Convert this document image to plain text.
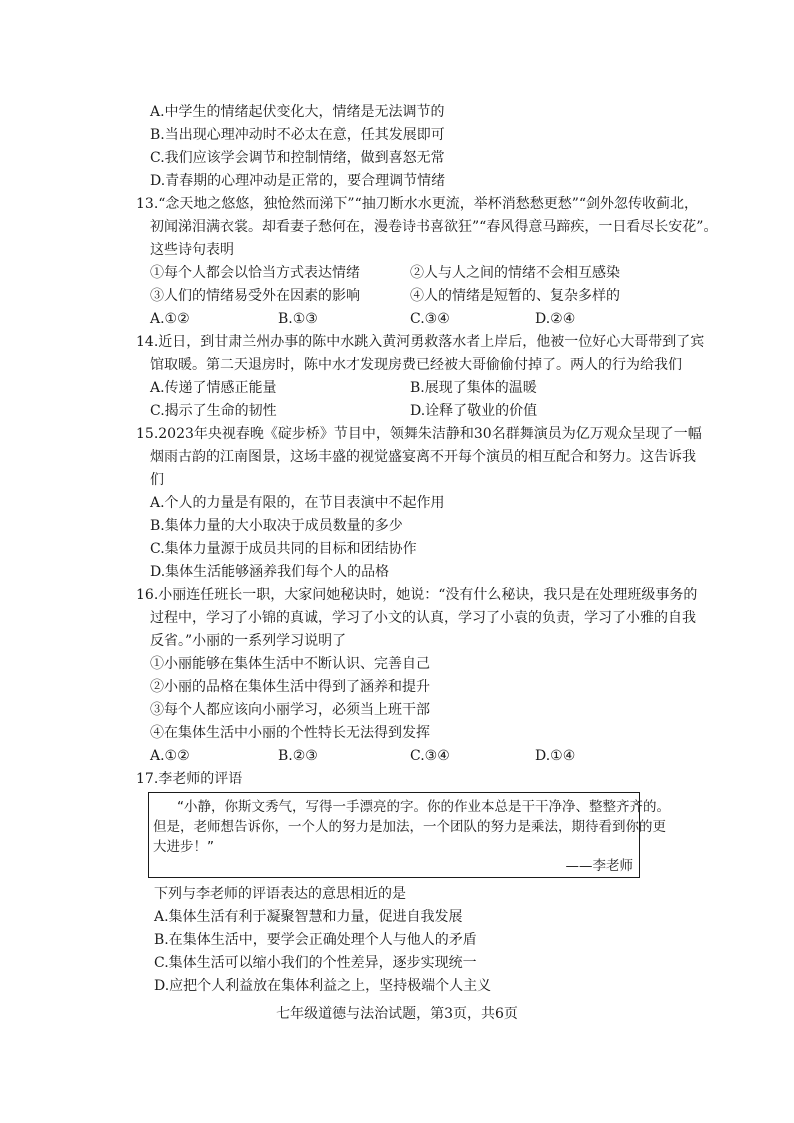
A.中学生的情绪起伏变化大，情绪是无法调节的
B.当出现心理冲动时不必太在意，任其发展即可
C.我们应该学会调节和控制情绪，做到喜怒无常
D.青春期的心理冲动是正常的，要合理调节情绪
13.“念天地之悠悠，独怆然而涕下”“抽刀断水水更流，举杯消愁愁更愁”“剑外忽传收蓟北，
初闻涕泪满衣裳。却看妻子愁何在，漫卷诗书喜欲狂”“春风得意马蹄疾，一日看尽长安花”。
这些诗句表明
①每个人都会以恰当方式表达情绪	②人与人之间的情绪不会相互感染
③人们的情绪易受外在因素的影响	④人的情绪是短暂的、复杂多样的
A.①②	B.①③	C.③④	D.②④
14.近日，到甘肃兰州办事的陈中水跳入黄河勇救落水者上岸后，他被一位好心大哥带到了宾
馆取暖。第二天退房时，陈中水才发现房费已经被大哥偷偷付掉了。两人的行为给我们
A.传递了情感正能量	B.展现了集体的温暖
C.揭示了生命的韧性	D.诠释了敬业的价值
15.2023年央视春晚《碇步桥》节目中，领舞朱洁静和30名群舞演员为亿万观众呈现了一幅
烟雨古韵的江南图景，这场丰盛的视觉盛宴离不开每个演员的相互配合和努力。这告诉我
们
A.个人的力量是有限的，在节目表演中不起作用
B.集体力量的大小取决于成员数量的多少
C.集体力量源于成员共同的目标和团结协作
D.集体生活能够涵养我们每个人的品格
16.小丽连任班长一职，大家问她秘诀时，她说：“没有什么秘诀，我只是在处理班级事务的
过程中，学习了小锦的真诚，学习了小文的认真，学习了小袁的负责，学习了小雅的自我
反省。”小丽的一系列学习说明了
①小丽能够在集体生活中不断认识、完善自己
②小丽的品格在集体生活中得到了涵养和提升
③每个人都应该向小丽学习，必须当上班干部
④在集体生活中小丽的个性特长无法得到发挥
A.①②	B.②③	C.③④	D.①④
17.李老师的评语
“小静，你斯文秀气，写得一手漂亮的字。你的作业本总是干干净净、整整齐齐的。
但是，老师想告诉你，一个人的努力是加法，一个团队的努力是乘法，期待看到你的更
大进步！”
——李老师
下列与李老师的评语表达的意思相近的是
A.集体生活有利于凝聚智慧和力量，促进自我发展
B.在集体生活中，要学会正确处理个人与他人的矛盾
C.集体生活可以缩小我们的个性差异，逐步实现统一
D.应把个人利益放在集体利益之上，坚持极端个人主义
七年级道德与法治试题，第3页，共6页
